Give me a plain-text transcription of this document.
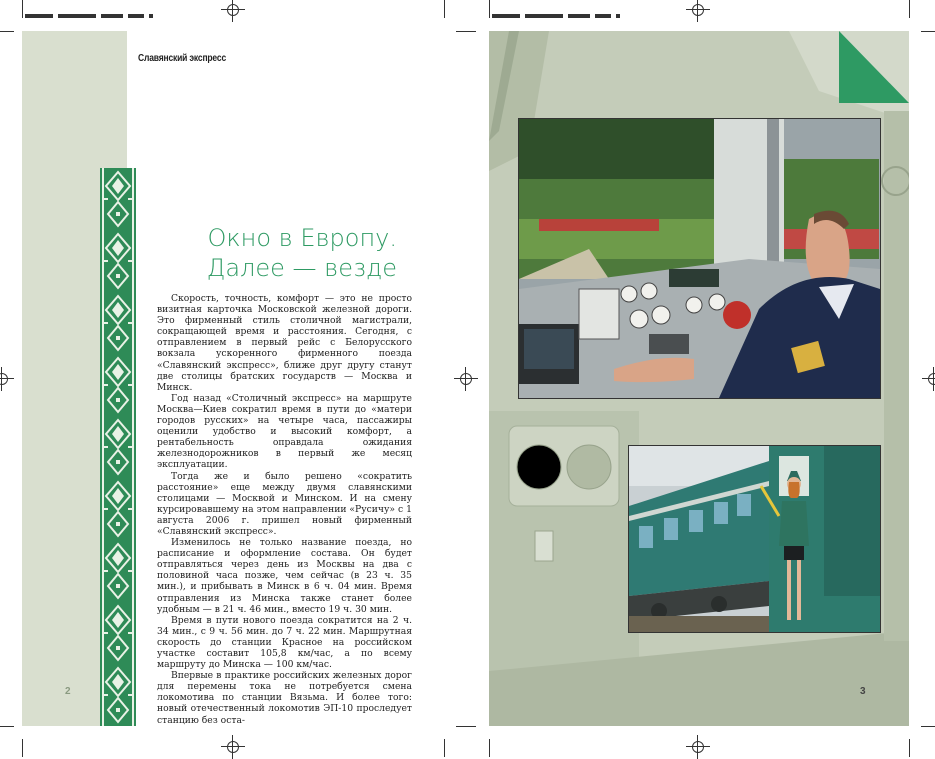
Славянский экспресс
Окно в Европу.
Далее — везде

Скорость, точность, комфорт — это не просто визитная карточка Московской железной дороги. Это фирменный стиль столичной магистрали, сокращающей время и расстояния. Сегодня, с отправлением в первый рейс с Белорусского вокзала ускоренного фирменного поезда «Славянский экспресс», ближе друг другу станут две столицы братских государств — Москва и Минск.

Год назад «Столичный экспресс» на маршруте Москва—Киев сократил время в пути до «матери городов русских» на четыре часа, пассажиры оценили удобство и высокий комфорт, а рентабельность оправдала ожидания железнодорожников в первый же месяц эксплуатации.

Тогда же и было решено «сократить расстояние» еще между двумя славянскими столицами — Москвой и Минском. И на смену курсировавшему на этом направлении «Русичу» с 1 августа 2006 г. пришел новый фирменный «Славянский экспресс».

Изменилось не только название поезда, но расписание и оформление состава. Он будет отправляться через день из Москвы на два с половиной часа позже, чем сейчас (в 23 ч. 35 мин.), и прибывать в Минск в 6 ч. 04 мин. Время отправления из Минска также станет более удобным — в 21 ч. 46 мин., вместо 19 ч. 30 мин.

Время в пути нового поезда сократится на 2 ч. 34 мин., с 9 ч. 56 мин. до 7 ч. 22 мин. Маршрутная скорость до станции Красное на российском участке составит 105,8 км/час, а по всему маршруту до Минска — 100 км/час.

Впервые в практике российских железных дорог для перемены тока не потребуется смена локомотива по станции Вязьма. И более того: новый отечественный локомотив ЭП-10 проследует станцию без оста-

2	3
